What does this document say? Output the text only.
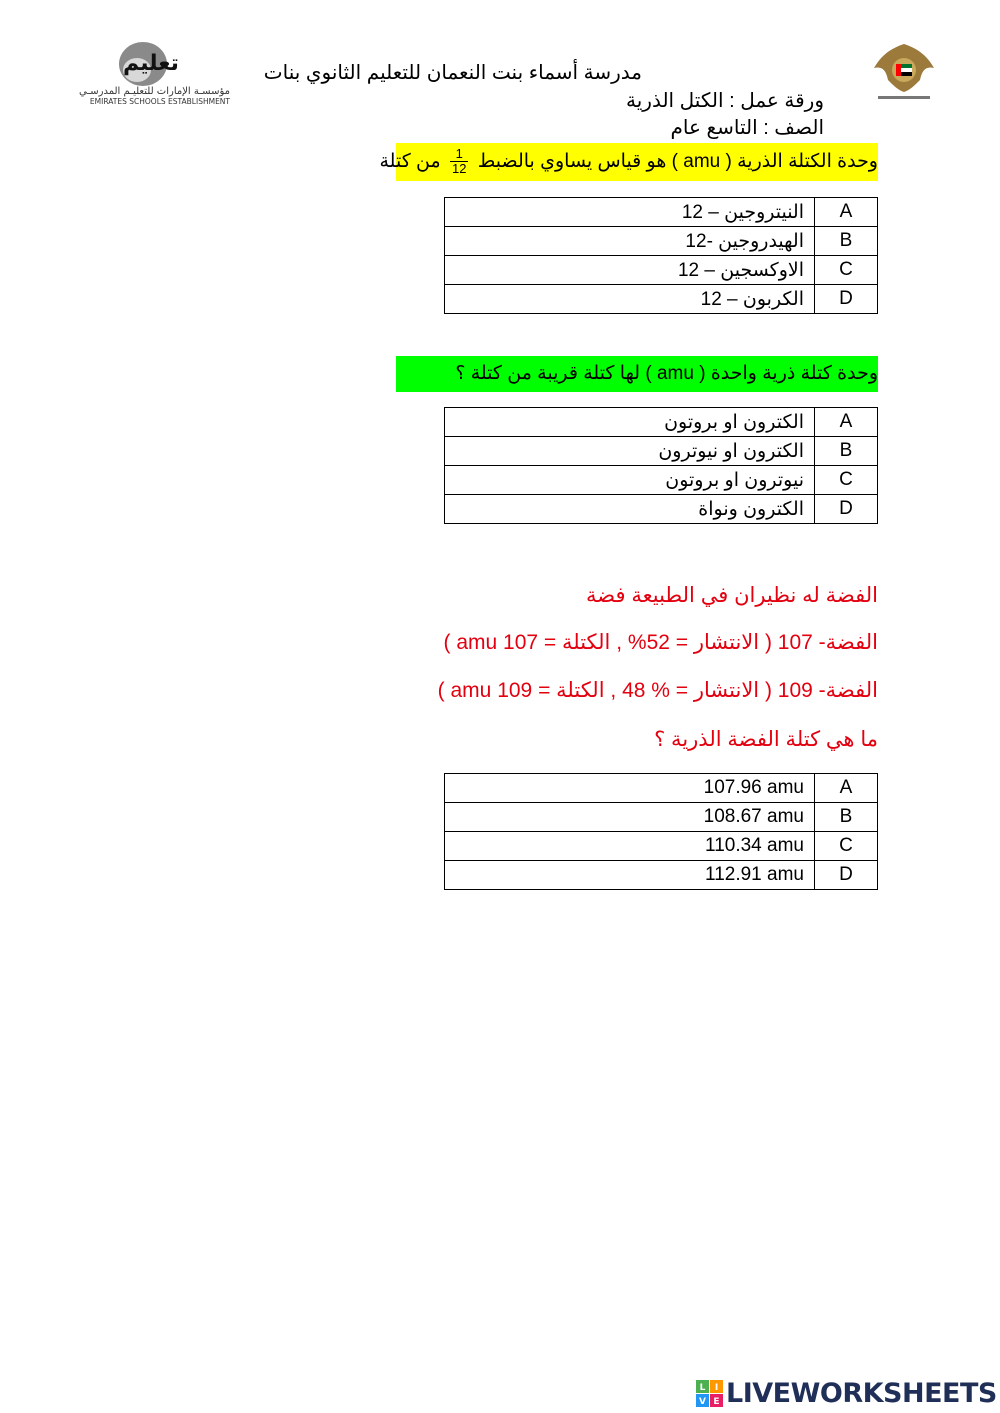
تعليم
مؤسسـة الإمارات للتعليـم المدرسـي
EMIRATES SCHOOLS ESTABLISHMENT
مدرسة أسماء بنت النعمان للتعليم الثانوي بنات
ورقة عمل : الكتل الذرية
الصف : التاسع عام
وحدة الكتلة الذرية ( amu ) هو قياس يساوي بالضبط
$\frac{1}{12}$
من كتلة
النيتروجين – 12	A
الهيدروجين -12	B
الاوكسجين – 12	C
الكربون – 12	D
وحدة كتلة ذرية واحدة ( amu ) لها كتلة قريبة من كتلة ؟
الكترون او بروتون	A
الكترون او نيوترون	B
نيوترون او بروتون	C
الكترون ونواة	D
الفضة له نظيران في الطبيعة فضة
الفضة- 107 ( الانتشار = 52% , الكتلة = 107 amu )
الفضة- 109 ( الانتشار = % 48 , الكتلة = 109 amu )
ما هي كتلة الفضة الذرية ؟
107.96 amu	A
108.67 amu	B
110.34 amu	C
112.91 amu	D
L I
V E LIVEWORKSHEETS
